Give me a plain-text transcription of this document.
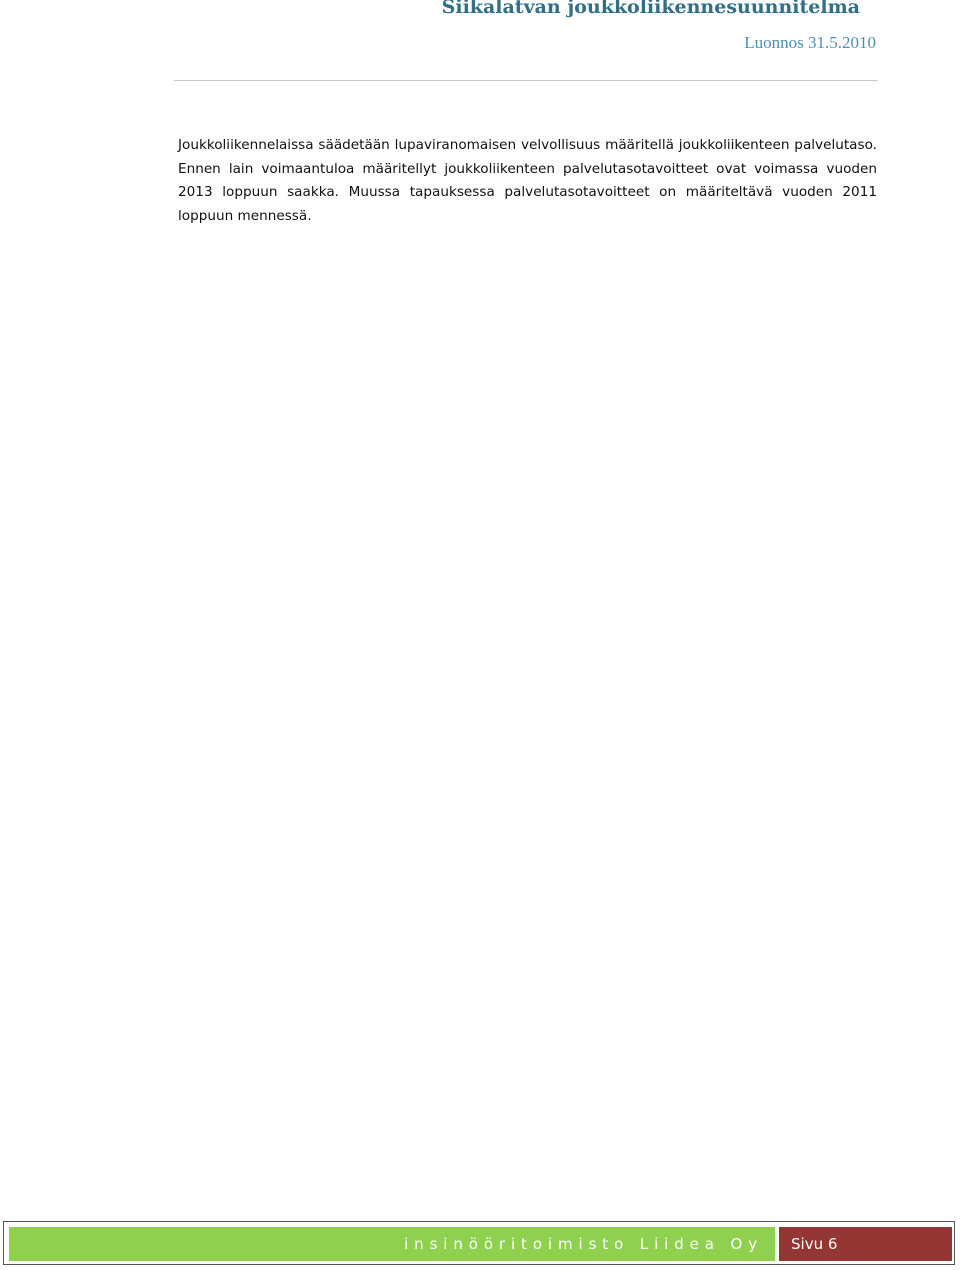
Siikalatvan joukkoliikennesuunnitelma
Luonnos 31.5.2010

Joukkoliikennelaissa säädetään lupaviranomaisen velvollisuus määritellä joukkoliikenteen palvelutaso. Ennen lain voimaantuloa määritellyt joukkoliikenteen palvelutasotavoitteet ovat voimassa vuoden 2013 loppuun saakka. Muussa tapauksessa palvelutasotavoitteet on määriteltävä vuoden 2011 loppuun mennessä.

insinööritoimisto Liidea Oy Sivu 6
